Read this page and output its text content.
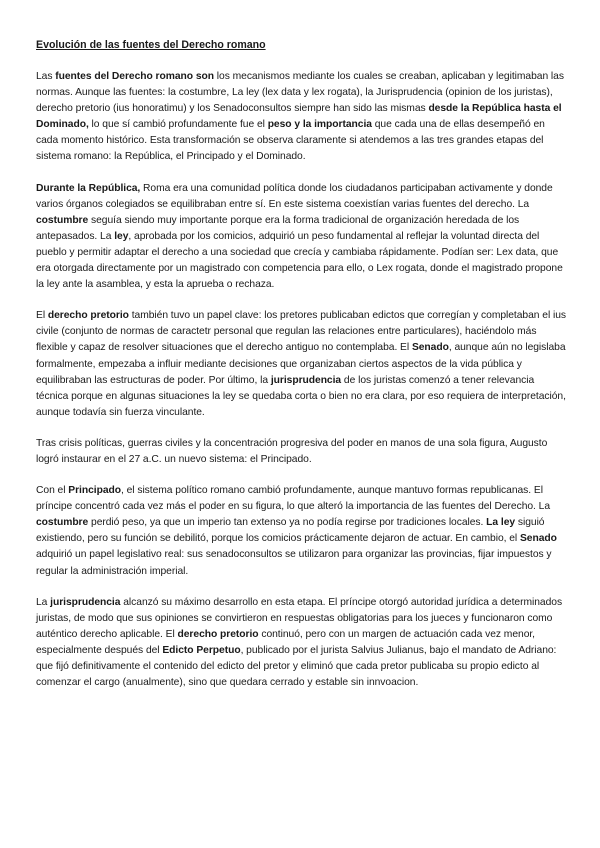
Evolución de las fuentes del Derecho romano

Las fuentes del Derecho romano son los mecanismos mediante los cuales se creaban, aplicaban y legitimaban las normas. Aunque las fuentes: la costumbre, La ley (lex data y lex rogata), la Jurisprudencia (opinion de los juristas), derecho pretorio (ius honoratimu) y los Senadoconsultos siempre han sido las mismas desde la República hasta el Dominado, lo que sí cambió profundamente fue el peso y la importancia que cada una de ellas desempeñó en cada momento histórico. Esta transformación se observa claramente si atendemos a las tres grandes etapas del sistema romano: la República, el Principado y el Dominado.

Durante la República, Roma era una comunidad política donde los ciudadanos participaban activamente y donde varios órganos colegiados se equilibraban entre sí. En este sistema coexistían varias fuentes del derecho. La costumbre seguía siendo muy importante porque era la forma tradicional de organización heredada de los antepasados. La ley, aprobada por los comicios, adquirió un peso fundamental al reflejar la voluntad directa del pueblo y permitir adaptar el derecho a una sociedad que crecía y cambiaba rápidamente. Podían ser: Lex data, que era otorgada directamente por un magistrado con competencia para ello, o Lex rogata, donde el magistrado propone la ley ante la asamblea, y esta la aprueba o rechaza.

El derecho pretorio también tuvo un papel clave: los pretores publicaban edictos que corregían y completaban el ius civile (conjunto de normas de caractetr personal que regulan las relaciones entre particulares), haciéndolo más flexible y capaz de resolver situaciones que el derecho antiguo no contemplaba. El Senado, aunque aún no legislaba formalmente, empezaba a influir mediante decisiones que organizaban ciertos aspectos de la vida pública y equilibraban las estructuras de poder. Por último, la jurisprudencia de los juristas comenzó a tener relevancia técnica porque en algunas situaciones la ley se quedaba corta o bien no era clara, por eso requiera de interpretación, aunque todavía sin fuerza vinculante.

Tras crisis políticas, guerras civiles y la concentración progresiva del poder en manos de una sola figura, Augusto logró instaurar en el 27 a.C. un nuevo sistema: el Principado.

Con el Principado, el sistema político romano cambió profundamente, aunque mantuvo formas republicanas. El príncipe concentró cada vez más el poder en su figura, lo que alteró la importancia de las fuentes del Derecho. La costumbre perdió peso, ya que un imperio tan extenso ya no podía regirse por tradiciones locales. La ley siguió existiendo, pero su función se debilitó, porque los comicios prácticamente dejaron de actuar. En cambio, el Senado adquirió un papel legislativo real: sus senadoconsultos se utilizaron para organizar las provincias, fijar impuestos y regular la administración imperial.

La jurisprudencia alcanzó su máximo desarrollo en esta etapa. El príncipe otorgó autoridad jurídica a determinados juristas, de modo que sus opiniones se convirtieron en respuestas obligatorias para los jueces y funcionaron como auténtico derecho aplicable. El derecho pretorio continuó, pero con un margen de actuación cada vez menor, especialmente después del Edicto Perpetuo, publicado por el jurista Salvius Julianus, bajo el mandato de Adriano: que fijó definitivamente el contenido del edicto del pretor y eliminó que cada pretor publicaba su propio edicto al comenzar el cargo (anualmente), sino que quedara cerrado y estable sin innvoacion.
